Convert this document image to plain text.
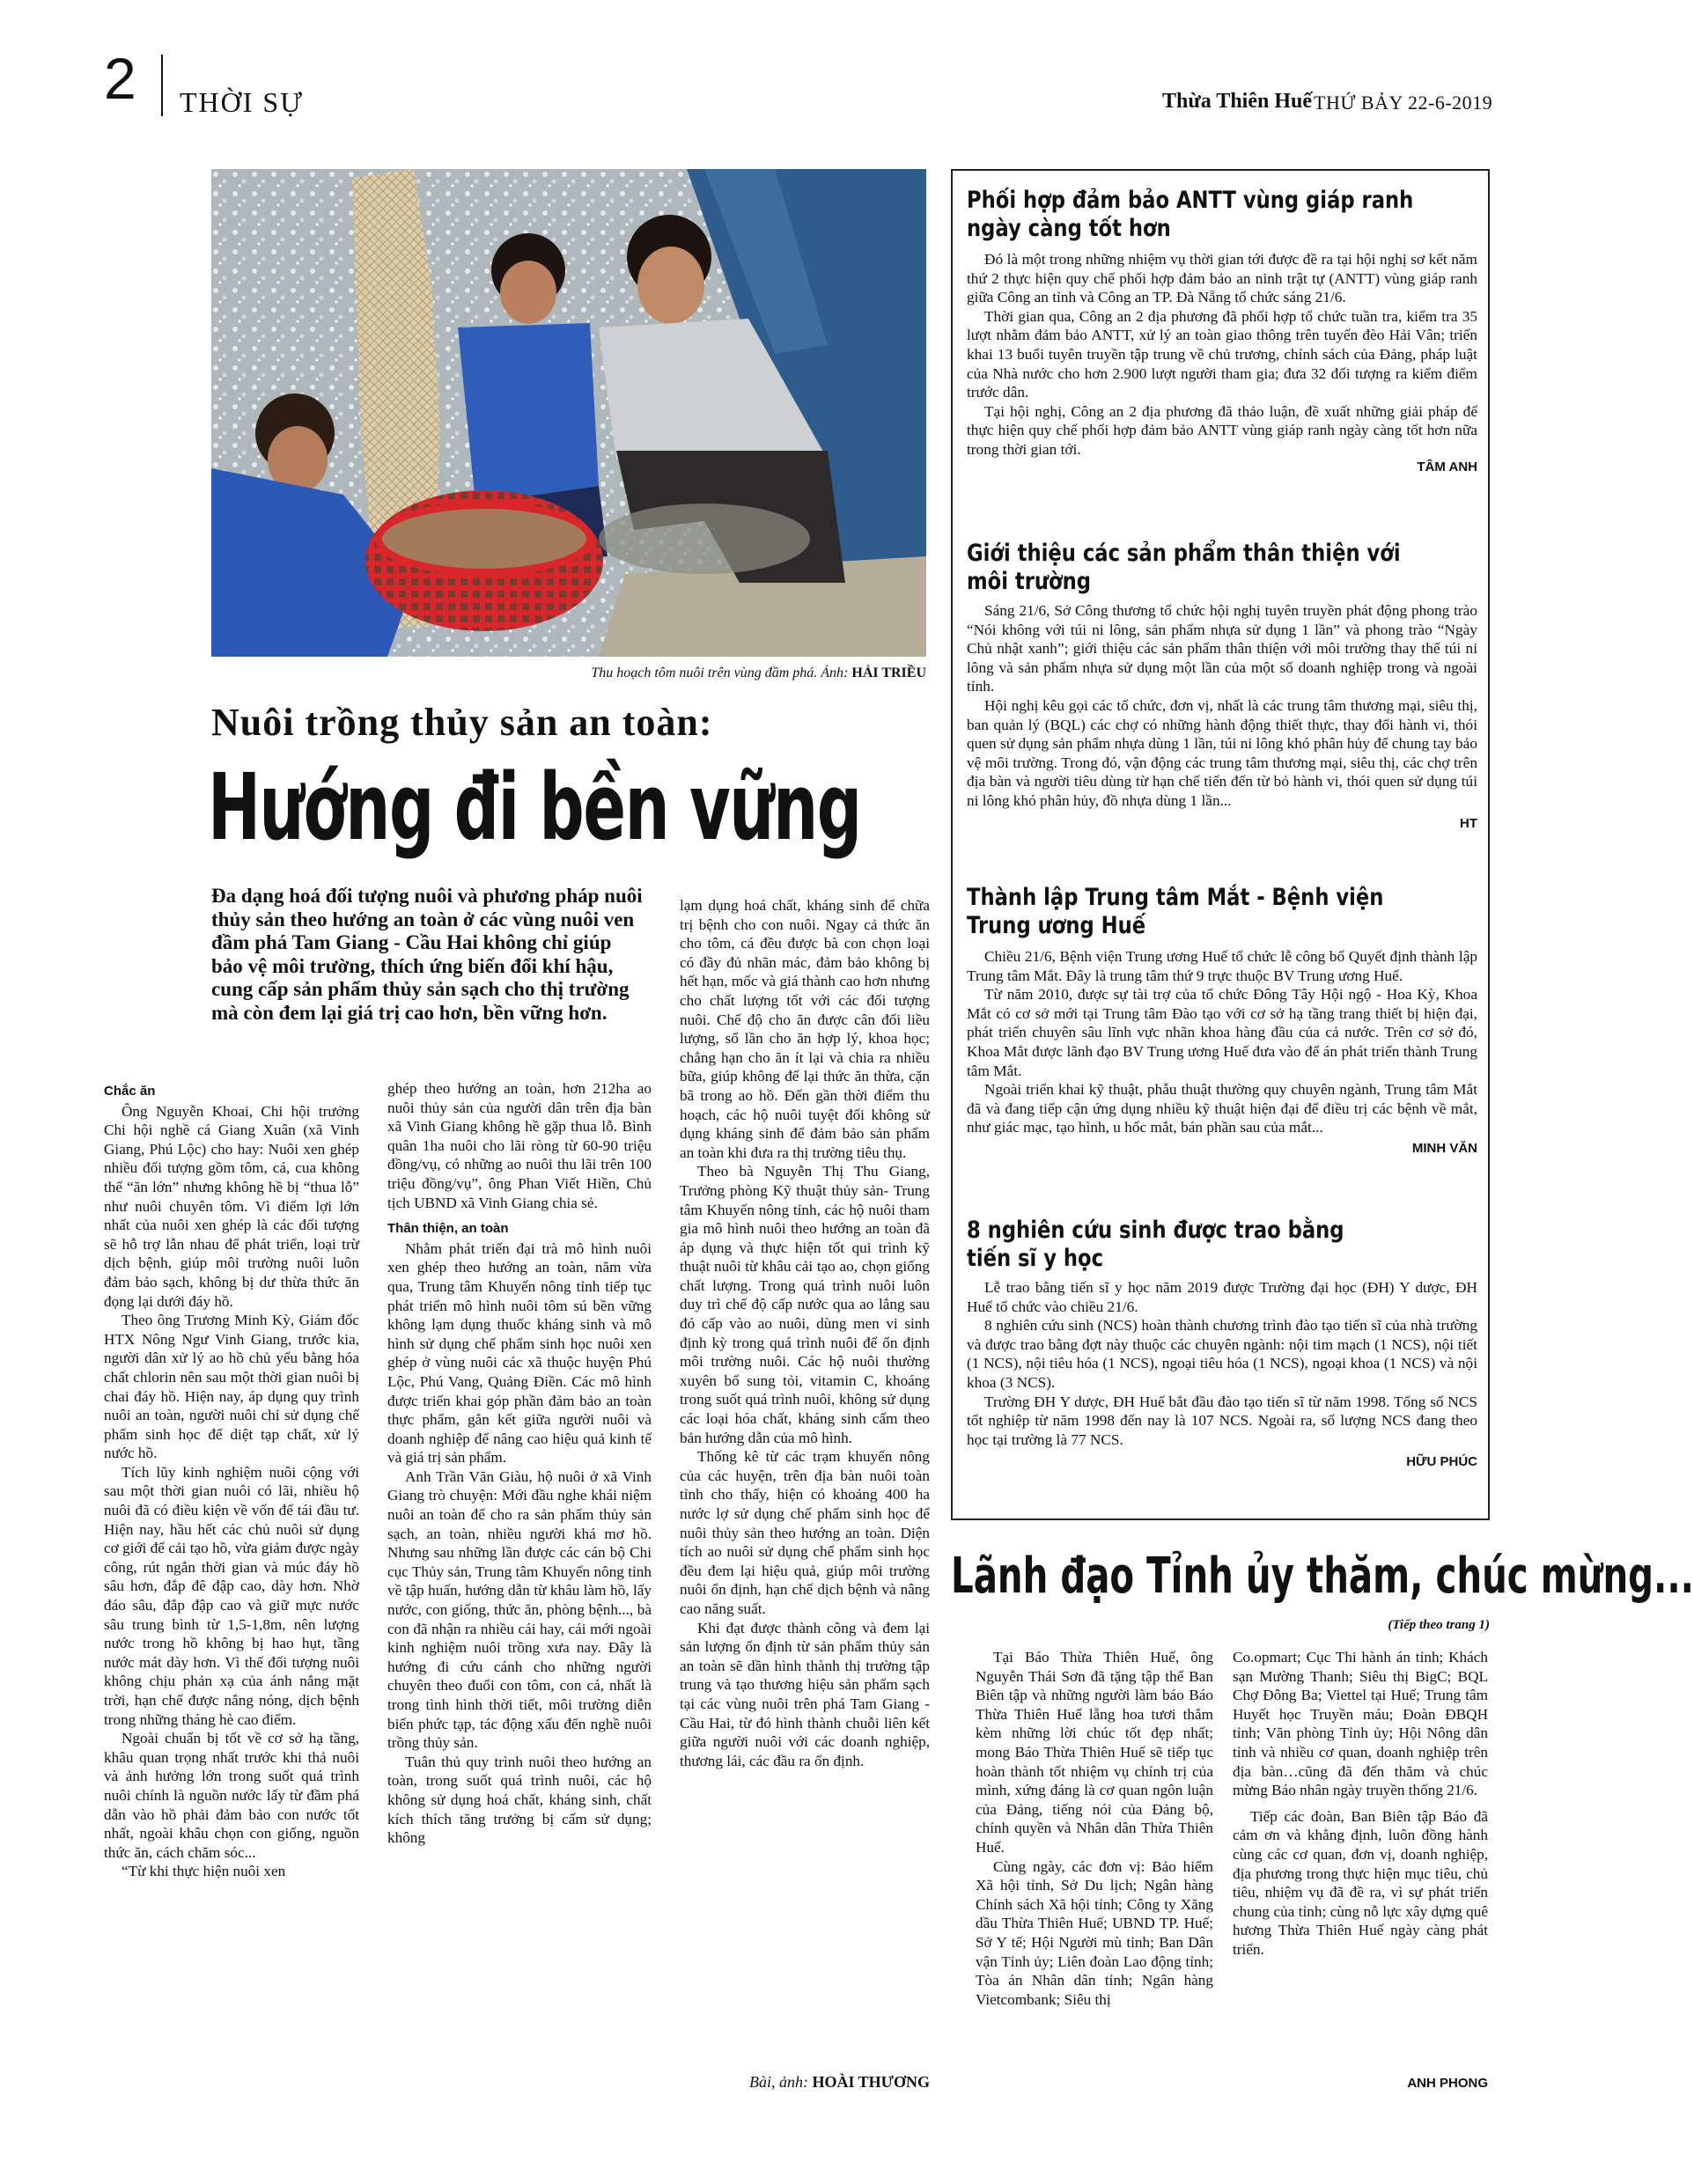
2 THỜI SỰ	Thừa Thiên Huế THỨ BẢY 22-6-2019
Thu hoạch tôm nuôi trên vùng đầm phá. Ảnh: HẢI TRIỀU
Nuôi trồng thủy sản an toàn:
Hướng đi bền vững
Đa dạng hoá đối tượng nuôi và phương pháp nuôi thủy sản theo hướng an toàn ở các vùng nuôi ven đầm phá Tam Giang - Cầu Hai không chỉ giúp bảo vệ môi trường, thích ứng biến đổi khí hậu, cung cấp sản phẩm thủy sản sạch cho thị trường mà còn đem lại giá trị cao hơn, bền vững hơn.
Chắc ăn

Ông Nguyễn Khoai, Chi hội trưởng Chi hội nghề cá Giang Xuân (xã Vinh Giang, Phú Lộc) cho hay: Nuôi xen ghép nhiều đối tượng gồm tôm, cá, cua không thể “ăn lớn” nhưng không hề bị “thua lỗ” như nuôi chuyên tôm. Vì điểm lợi lớn nhất của nuôi xen ghép là các đối tượng sẽ hỗ trợ lẫn nhau để phát triển, loại trừ dịch bệnh, giúp môi trường nuôi luôn đảm bảo sạch, không bị dư thừa thức ăn đọng lại dưới đáy hồ.

Theo ông Trương Minh Kỳ, Giám đốc HTX Nông Ngư Vinh Giang, trước kia, người dân xử lý ao hồ chủ yếu bằng hóa chất chlorin nên sau một thời gian nuôi bị chai đáy hồ. Hiện nay, áp dụng quy trình nuôi an toàn, người nuôi chỉ sử dụng chế phẩm sinh học để diệt tạp chất, xử lý nước hồ.

Tích lũy kinh nghiệm nuôi cộng với sau một thời gian nuôi có lãi, nhiều hộ nuôi đã có điều kiện về vốn để tái đầu tư. Hiện nay, hầu hết các chủ nuôi sử dụng cơ giới để cải tạo hồ, vừa giảm được ngày công, rút ngắn thời gian và múc đáy hồ sâu hơn, đắp đê đập cao, dày hơn. Nhờ đáo sâu, đắp đập cao và giữ mực nước sâu trung bình từ 1,5-1,8m, nên lượng nước trong hồ không bị hao hụt, tầng nước mát dày hơn. Vì thế đối tượng nuôi không chịu phản xạ của ánh nắng mặt trời, hạn chế được nắng nóng, dịch bệnh trong những tháng hè cao điểm.

Ngoài chuẩn bị tốt về cơ sở hạ tầng, khâu quan trọng nhất trước khi thả nuôi và ảnh hưởng lớn trong suốt quá trình nuôi chính là nguồn nước lấy từ đầm phá dẫn vào hồ phải đảm bảo con nước tốt nhất, ngoài khâu chọn con giống, nguồn thức ăn, cách chăm sóc...

“Từ khi thực hiện nuôi xen

ghép theo hướng an toàn, hơn 212ha ao nuôi thủy sản của người dân trên địa bàn xã Vinh Giang không hề gặp thua lỗ. Bình quân 1ha nuôi cho lãi ròng từ 60-90 triệu đồng/vụ, có những ao nuôi thu lãi trên 100 triệu đồng/vụ”, ông Phan Viết Hiền, Chủ tịch UBND xã Vinh Giang chia sẻ.

Thân thiện, an toàn

Nhằm phát triển đại trà mô hình nuôi xen ghép theo hướng an toàn, năm vừa qua, Trung tâm Khuyến nông tỉnh tiếp tục phát triển mô hình nuôi tôm sú bền vững không lạm dụng thuốc kháng sinh và mô hình sử dụng chế phẩm sinh học nuôi xen ghép ở vùng nuôi các xã thuộc huyện Phú Lộc, Phú Vang, Quảng Điền. Các mô hình được triển khai góp phần đảm bảo an toàn thực phẩm, gắn kết giữa người nuôi và doanh nghiệp để nâng cao hiệu quả kinh tế và giá trị sản phẩm.

Anh Trần Văn Giàu, hộ nuôi ở xã Vinh Giang trò chuyện: Mới đầu nghe khái niệm nuôi an toàn để cho ra sản phẩm thủy sản sạch, an toàn, nhiều người khá mơ hồ. Nhưng sau những lần được các cán bộ Chi cục Thủy sản, Trung tâm Khuyến nông tỉnh về tập huấn, hướng dẫn từ khâu làm hồ, lấy nước, con giống, thức ăn, phòng bệnh..., bà con đã nhận ra nhiều cái hay, cái mới ngoài kinh nghiệm nuôi trồng xưa nay. Đây là hướng đi cứu cánh cho những người chuyên theo đuổi con tôm, con cá, nhất là trong tình hình thời tiết, môi trường diễn biến phức tạp, tác động xấu đến nghề nuôi trồng thủy sản.

Tuân thủ quy trình nuôi theo hướng an toàn, trong suốt quá trình nuôi, các hộ không sử dụng hoá chất, kháng sinh, chất kích thích tăng trưởng bị cấm sử dụng; không

lạm dụng hoá chất, kháng sinh để chữa trị bệnh cho con nuôi. Ngay cả thức ăn cho tôm, cá đều được bà con chọn loại có đầy đủ nhãn mác, đảm bảo không bị hết hạn, mốc và giá thành cao hơn nhưng cho chất lượng tốt với các đối tượng nuôi. Chế độ cho ăn được cân đối liều lượng, số lần cho ăn hợp lý, khoa học; chẳng hạn cho ăn ít lại và chia ra nhiều bữa, giúp không để lại thức ăn thừa, cặn bã trong ao hồ. Đến gần thời điểm thu hoạch, các hộ nuôi tuyệt đối không sử dụng kháng sinh để đảm bảo sản phẩm an toàn khi đưa ra thị trường tiêu thụ.

Theo bà Nguyễn Thị Thu Giang, Trưởng phòng Kỹ thuật thủy sản- Trung tâm Khuyến nông tỉnh, các hộ nuôi tham gia mô hình nuôi theo hướng an toàn đã áp dụng và thực hiện tốt qui trình kỹ thuật nuôi từ khâu cải tạo ao, chọn giống chất lượng. Trong quá trình nuôi luôn duy trì chế độ cấp nước qua ao lắng sau đó cấp vào ao nuôi, dùng men vi sinh định kỳ trong quá trình nuôi để ổn định môi trường nuôi. Các hộ nuôi thường xuyên bổ sung tỏi, vitamin C, khoáng trong suốt quá trình nuôi, không sử dụng các loại hóa chất, kháng sinh cấm theo bản hướng dẫn của mô hình.

Thống kê từ các trạm khuyến nông của các huyện, trên địa bàn nuôi toàn tỉnh cho thấy, hiện có khoảng 400 ha nước lợ sử dụng chế phẩm sinh học để nuôi thủy sản theo hướng an toàn. Diện tích ao nuôi sử dụng chế phẩm sinh học đều đem lại hiệu quả, giúp môi trường nuôi ổn định, hạn chế dịch bệnh và nâng cao năng suất.

Khi đạt được thành công và đem lại sản lượng ổn định từ sản phẩm thủy sản an toàn sẽ dần hình thành thị trường tập trung và tạo thương hiệu sản phẩm sạch tại các vùng nuôi trên phá Tam Giang - Cầu Hai, từ đó hình thành chuỗi liên kết giữa người nuôi với các doanh nghiệp, thương lái, các đầu ra ổn định.

Bài, ảnh: HOÀI THƯƠNG
Phối hợp đảm bảo ANTT vùng giáp ranh ngày càng tốt hơn

Đó là một trong những nhiệm vụ thời gian tới được đề ra tại hội nghị sơ kết năm thứ 2 thực hiện quy chế phối hợp đảm bảo an ninh trật tự (ANTT) vùng giáp ranh giữa Công an tỉnh và Công an TP. Đà Nẵng tổ chức sáng 21/6.

Thời gian qua, Công an 2 địa phương đã phối hợp tổ chức tuần tra, kiểm tra 35 lượt nhằm đảm bảo ANTT, xử lý an toàn giao thông trên tuyến đèo Hải Vân; triển khai 13 buổi tuyên truyền tập trung về chủ trương, chính sách của Đảng, pháp luật của Nhà nước cho hơn 2.900 lượt người tham gia; đưa 32 đối tượng ra kiểm điểm trước dân.

Tại hội nghị, Công an 2 địa phương đã thảo luận, đề xuất những giải pháp để thực hiện quy chế phối hợp đảm bảo ANTT vùng giáp ranh ngày càng tốt hơn nữa trong thời gian tới.

TÂM ANH
Giới thiệu các sản phẩm thân thiện với môi trường

Sáng 21/6, Sở Công thương tổ chức hội nghị tuyên truyền phát động phong trào “Nói không với túi ni lông, sản phẩm nhựa sử dụng 1 lần” và phong trào “Ngày Chủ nhật xanh”; giới thiệu các sản phẩm thân thiện với môi trường thay thế túi ni lông và sản phẩm nhựa sử dụng một lần của một số doanh nghiệp trong và ngoài tỉnh.

Hội nghị kêu gọi các tổ chức, đơn vị, nhất là các trung tâm thương mại, siêu thị, ban quản lý (BQL) các chợ có những hành động thiết thực, thay đổi hành vi, thói quen sử dụng sản phẩm nhựa dùng 1 lần, túi ni lông khó phân hủy để chung tay bảo vệ môi trường. Trong đó, vận động các trung tâm thương mại, siêu thị, các chợ trên địa bàn và người tiêu dùng từ hạn chế tiến đến từ bỏ hành vi, thói quen sử dụng túi ni lông khó phân hủy, đồ nhựa dùng 1 lần...

HT
Thành lập Trung tâm Mắt - Bệnh viện Trung ương Huế

Chiều 21/6, Bệnh viện Trung ương Huế tổ chức lễ công bố Quyết định thành lập Trung tâm Mắt. Đây là trung tâm thứ 9 trực thuộc BV Trung ương Huế.

Từ năm 2010, được sự tài trợ của tổ chức Đông Tây Hội ngộ - Hoa Kỳ, Khoa Mắt có cơ sở mới tại Trung tâm Đào tạo với cơ sở hạ tầng trang thiết bị hiện đại, phát triển chuyên sâu lĩnh vực nhãn khoa hàng đầu của cả nước. Trên cơ sở đó, Khoa Mắt được lãnh đạo BV Trung ương Huế đưa vào để án phát triển thành Trung tâm Mắt.

Ngoài triển khai kỹ thuật, phẫu thuật thường quy chuyên ngành, Trung tâm Mắt đã và đang tiếp cận ứng dụng nhiều kỹ thuật hiện đại để điều trị các bệnh về mắt, như giác mạc, tạo hình, u hốc mắt, bán phần sau của mắt...

MINH VĂN
8 nghiên cứu sinh được trao bằng tiến sĩ y học

Lễ trao bằng tiến sĩ y học năm 2019 được Trường đại học (ĐH) Y dược, ĐH Huế tổ chức vào chiều 21/6.

8 nghiên cứu sinh (NCS) hoàn thành chương trình đào tạo tiến sĩ của nhà trường và được trao bằng đợt này thuộc các chuyên ngành: nội tim mạch (1 NCS), nội tiết (1 NCS), nội tiêu hóa (1 NCS), ngoại tiêu hóa (1 NCS), ngoại khoa (1 NCS) và nội khoa (3 NCS).

Trường ĐH Y dược, ĐH Huế bắt đầu đào tạo tiến sĩ từ năm 1998. Tổng số NCS tốt nghiệp từ năm 1998 đến nay là 107 NCS. Ngoài ra, số lượng NCS đang theo học tại trường là 77 NCS.

HỮU PHÚC
Lãnh đạo Tỉnh ủy thăm, chúc mừng...
(Tiếp theo trang 1)

Tại Báo Thừa Thiên Huế, ông Nguyễn Thái Sơn đã tặng tập thể Ban Biên tập và những người làm báo Báo Thừa Thiên Huế lẵng hoa tươi thắm kèm những lời chúc tốt đẹp nhất; mong Báo Thừa Thiên Huế sẽ tiếp tục hoàn thành tốt nhiệm vụ chính trị của mình, xứng đáng là cơ quan ngôn luận của Đảng, tiếng nói của Đảng bộ, chính quyền và Nhân dân Thừa Thiên Huế.

Cùng ngày, các đơn vị: Bảo hiểm Xã hội tỉnh, Sở Du lịch; Ngân hàng Chính sách Xã hội tỉnh; Công ty Xăng dầu Thừa Thiên Huế; UBND TP. Huế; Sở Y tế; Hội Người mù tỉnh; Ban Dân vận Tỉnh ủy; Liên đoàn Lao động tỉnh; Tòa án Nhân dân tỉnh; Ngân hàng Vietcombank; Siêu thị

Co.opmart; Cục Thi hành án tỉnh; Khách sạn Mường Thanh; Siêu thị BigC; BQL Chợ Đông Ba; Viettel tại Huế; Trung tâm Huyết học Truyền máu; Đoàn ĐBQH tỉnh; Văn phòng Tỉnh ủy; Hội Nông dân tỉnh và nhiều cơ quan, doanh nghiệp trên địa bàn…cũng đã đến thăm và chúc mừng Báo nhân ngày truyền thống 21/6.

Tiếp các đoàn, Ban Biên tập Báo đã cảm ơn và khẳng định, luôn đồng hành cùng các cơ quan, đơn vị, doanh nghiệp, địa phương trong thực hiện mục tiêu, chủ tiêu, nhiệm vụ đã đề ra, vì sự phát triển chung của tỉnh; cùng nỗ lực xây dựng quê hương Thừa Thiên Huế ngày càng phát triển.

ANH PHONG
